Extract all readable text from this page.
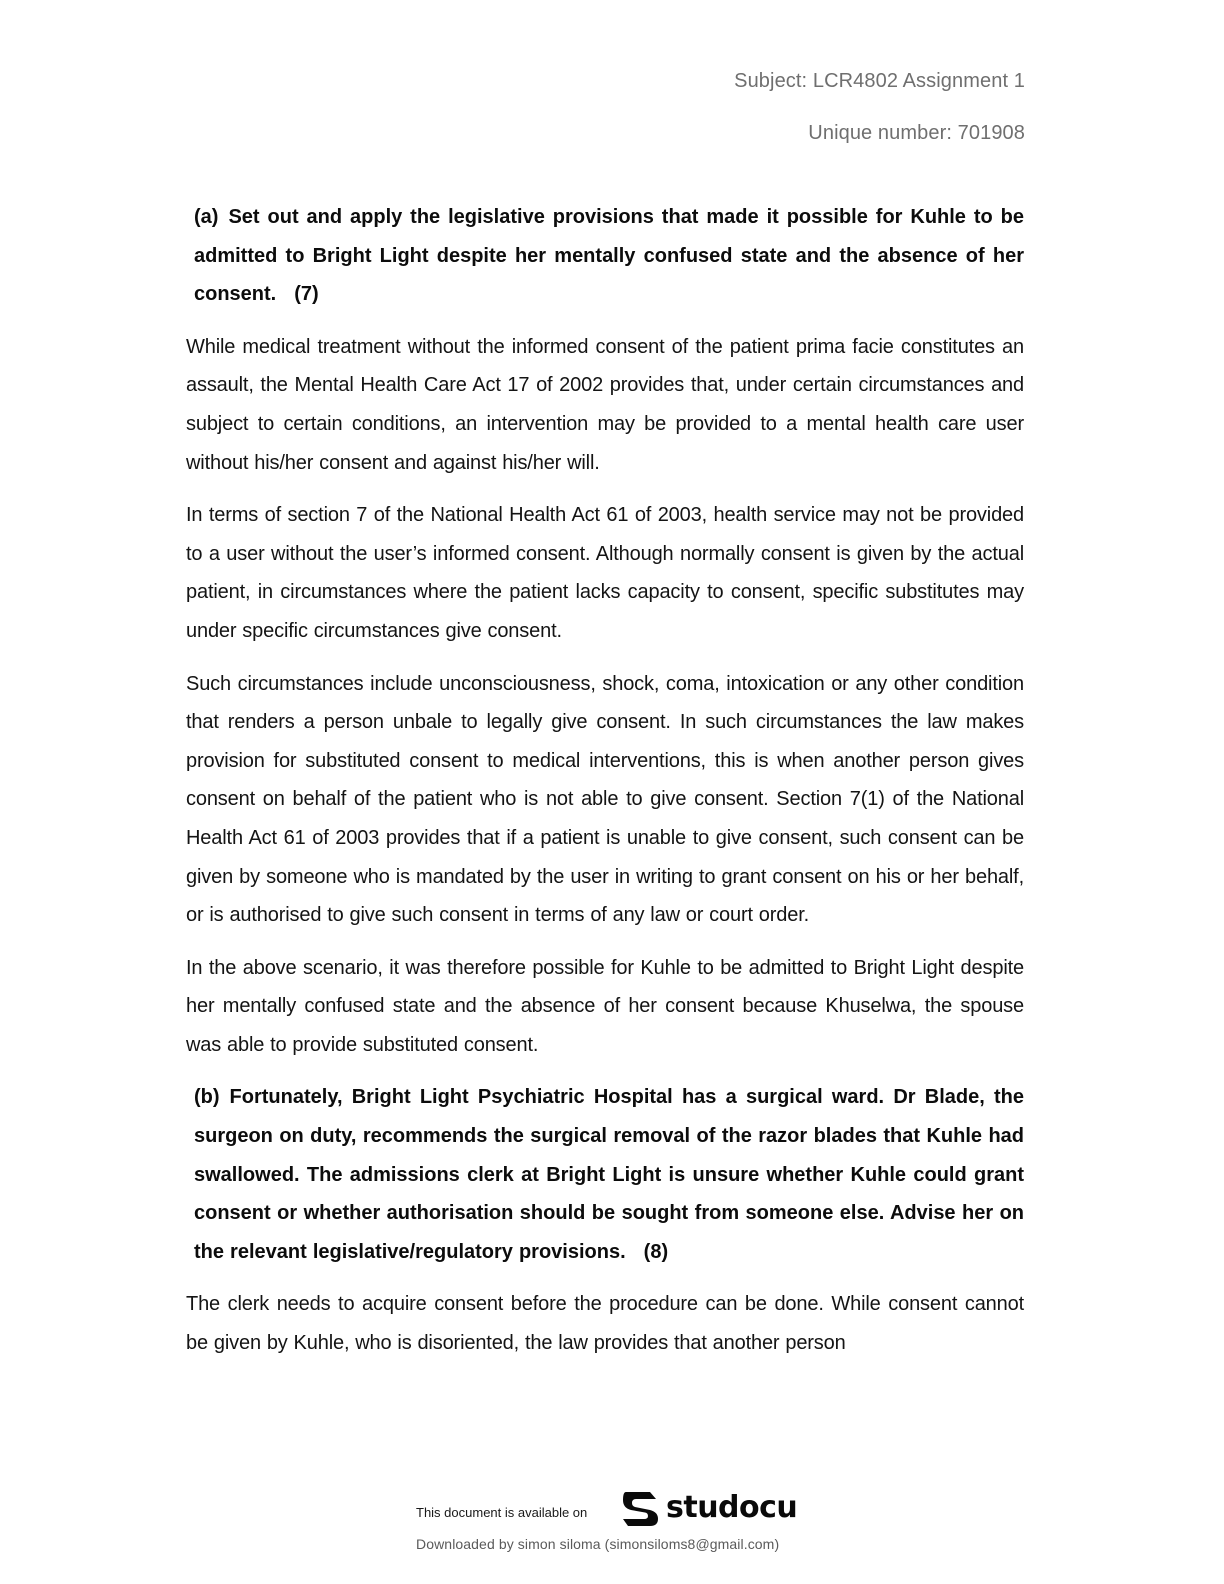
Subject: LCR4802 Assignment 1
Unique number: 701908

(a) Set out and apply the legislative provisions that made it possible for Kuhle to be admitted to Bright Light despite her mentally confused state and the absence of her consent. (7)

While medical treatment without the informed consent of the patient prima facie constitutes an assault, the Mental Health Care Act 17 of 2002 provides that, under certain circumstances and subject to certain conditions, an intervention may be provided to a mental health care user without his/her consent and against his/her will.

In terms of section 7 of the National Health Act 61 of 2003, health service may not be provided to a user without the user’s informed consent. Although normally consent is given by the actual patient, in circumstances where the patient lacks capacity to consent, specific substitutes may under specific circumstances give consent.

Such circumstances include unconsciousness, shock, coma, intoxication or any other condition that renders a person unbale to legally give consent. In such circumstances the law makes provision for substituted consent to medical interventions, this is when another person gives consent on behalf of the patient who is not able to give consent. Section 7(1) of the National Health Act 61 of 2003 provides that if a patient is unable to give consent, such consent can be given by someone who is mandated by the user in writing to grant consent on his or her behalf, or is authorised to give such consent in terms of any law or court order.

In the above scenario, it was therefore possible for Kuhle to be admitted to Bright Light despite her mentally confused state and the absence of her consent because Khuselwa, the spouse was able to provide substituted consent.

(b) Fortunately, Bright Light Psychiatric Hospital has a surgical ward. Dr Blade, the surgeon on duty, recommends the surgical removal of the razor blades that Kuhle had swallowed. The admissions clerk at Bright Light is unsure whether Kuhle could grant consent or whether authorisation should be sought from someone else. Advise her on the relevant legislative/regulatory provisions. (8)

The clerk needs to acquire consent before the procedure can be done. While consent cannot be given by Kuhle, who is disoriented, the law provides that another person

This document is available on	studocu
Downloaded by simon siloma (simonsiloms8@gmail.com)
